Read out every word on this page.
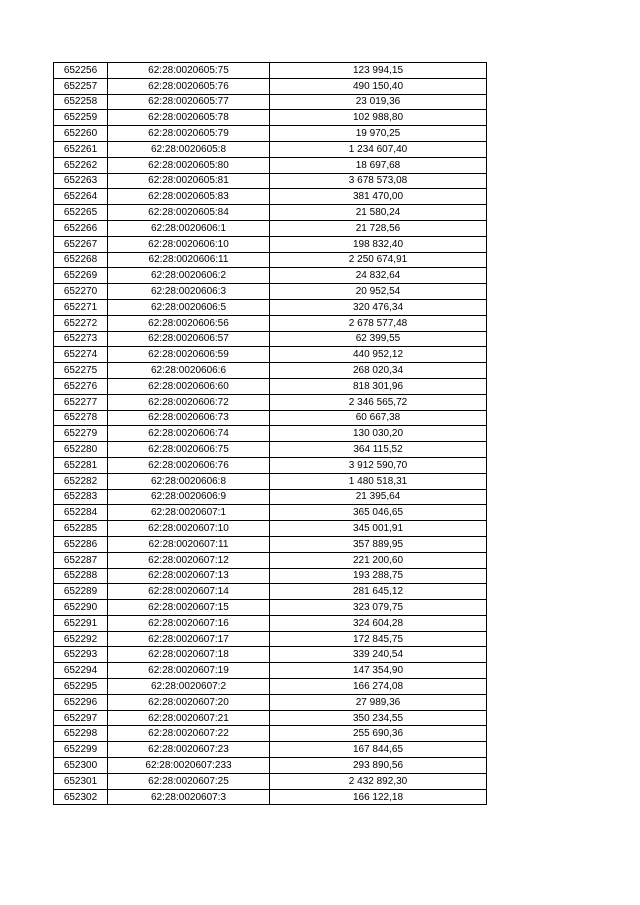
652256	62:28:0020605:75	123 994,15
652257	62:28:0020605:76	490 150,40
652258	62:28:0020605:77	23 019,36
652259	62:28:0020605:78	102 988,80
652260	62:28:0020605:79	19 970,25
652261	62:28:0020605:8	1 234 607,40
652262	62:28:0020605:80	18 697,68
652263	62:28:0020605:81	3 678 573,08
652264	62:28:0020605:83	381 470,00
652265	62:28:0020605:84	21 580,24
652266	62:28:0020606:1	21 728,56
652267	62:28:0020606:10	198 832,40
652268	62:28:0020606:11	2 250 674,91
652269	62:28:0020606:2	24 832,64
652270	62:28:0020606:3	20 952,54
652271	62:28:0020606:5	320 476,34
652272	62:28:0020606:56	2 678 577,48
652273	62:28:0020606:57	62 399,55
652274	62:28:0020606:59	440 952,12
652275	62:28:0020606:6	268 020,34
652276	62:28:0020606:60	818 301,96
652277	62:28:0020606:72	2 346 565,72
652278	62:28:0020606:73	60 667,38
652279	62:28:0020606:74	130 030,20
652280	62:28:0020606:75	364 115,52
652281	62:28:0020606:76	3 912 590,70
652282	62:28:0020606:8	1 480 518,31
652283	62:28:0020606:9	21 395,64
652284	62:28:0020607:1	365 046,65
652285	62:28:0020607:10	345 001,91
652286	62:28:0020607:11	357 889,95
652287	62:28:0020607:12	221 200,60
652288	62:28:0020607:13	193 288,75
652289	62:28:0020607:14	281 645,12
652290	62:28:0020607:15	323 079,75
652291	62:28:0020607:16	324 604,28
652292	62:28:0020607:17	172 845,75
652293	62:28:0020607:18	339 240,54
652294	62:28:0020607:19	147 354,90
652295	62:28:0020607:2	166 274,08
652296	62:28:0020607:20	27 989,36
652297	62:28:0020607:21	350 234,55
652298	62:28:0020607:22	255 690,36
652299	62:28:0020607:23	167 844,65
652300	62:28:0020607:233	293 890,56
652301	62:28:0020607:25	2 432 892,30
652302	62:28:0020607:3	166 122,18
